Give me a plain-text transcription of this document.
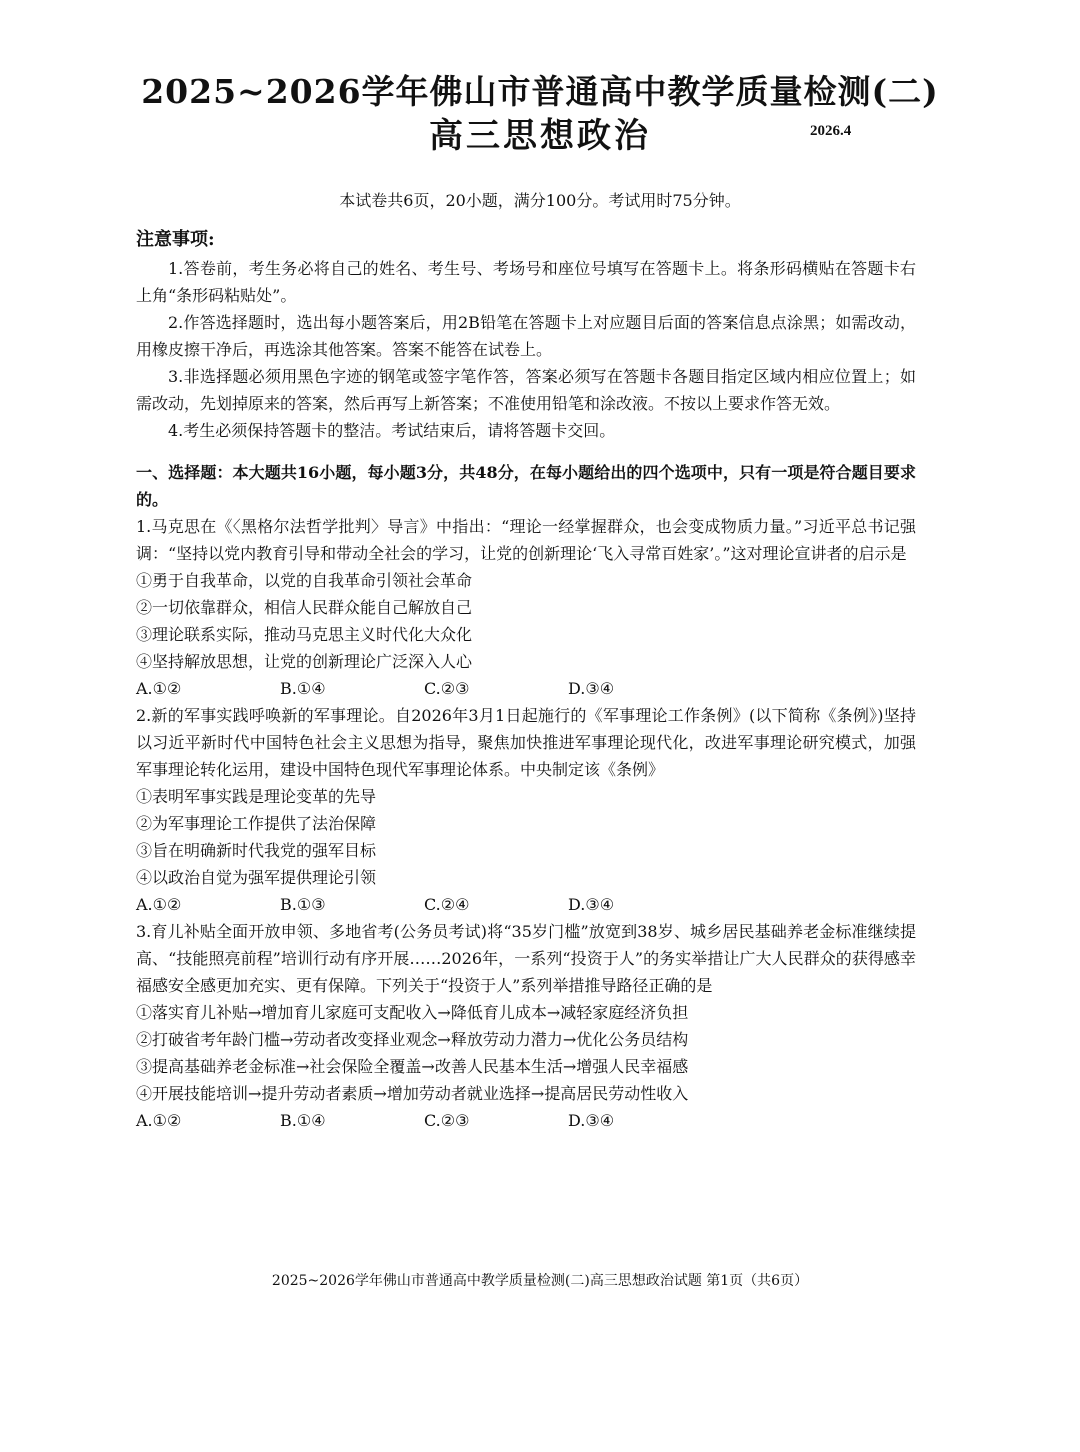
2025~2026学年佛山市普通高中教学质量检测(二)
高三思想政治	2026.4
本试卷共6页，20小题，满分100分。考试用时75分钟。

注意事项:

1.答卷前，考生务必将自己的姓名、考生号、考场号和座位号填写在答题卡上。将条形码横贴在答题卡右上角“条形码粘贴处”。

2.作答选择题时，选出每小题答案后，用2B铅笔在答题卡上对应题目后面的答案信息点涂黑；如需改动，用橡皮擦干净后，再选涂其他答案。答案不能答在试卷上。

3.非选择题必须用黑色字迹的钢笔或签字笔作答，答案必须写在答题卡各题目指定区域内相应位置上；如需改动，先划掉原来的答案，然后再写上新答案；不准使用铅笔和涂改液。不按以上要求作答无效。

4.考生必须保持答题卡的整洁。考试结束后，请将答题卡交回。

一、选择题：本大题共16小题，每小题3分，共48分，在每小题给出的四个选项中，只有一项是符合题目要求的。

1.马克思在《〈黑格尔法哲学批判〉导言》中指出：“理论一经掌握群众，也会变成物质力量。”习近平总书记强调：“坚持以党内教育引导和带动全社会的学习，让党的创新理论‘飞入寻常百姓家’。”这对理论宣讲者的启示是

①勇于自我革命，以党的自我革命引领社会革命

②一切依靠群众，相信人民群众能自己解放自己

③理论联系实际，推动马克思主义时代化大众化

④坚持解放思想，让党的创新理论广泛深入人心

A.①②	B.①④	C.②③	D.③④

2.新的军事实践呼唤新的军事理论。自2026年3月1日起施行的《军事理论工作条例》(以下简称《条例》)坚持以习近平新时代中国特色社会主义思想为指导，聚焦加快推进军事理论现代化，改进军事理论研究模式，加强军事理论转化运用，建设中国特色现代军事理论体系。中央制定该《条例》

①表明军事实践是理论变革的先导

②为军事理论工作提供了法治保障

③旨在明确新时代我党的强军目标

④以政治自觉为强军提供理论引领

A.①②	B.①③	C.②④	D.③④

3.育儿补贴全面开放申领、多地省考(公务员考试)将“35岁门槛”放宽到38岁、城乡居民基础养老金标准继续提高、“技能照亮前程”培训行动有序开展……2026年，一系列“投资于人”的务实举措让广大人民群众的获得感幸福感安全感更加充实、更有保障。下列关于“投资于人”系列举措推导路径正确的是

①落实育儿补贴→增加育儿家庭可支配收入→降低育儿成本→减轻家庭经济负担

②打破省考年龄门槛→劳动者改变择业观念→释放劳动力潜力→优化公务员结构

③提高基础养老金标准→社会保险全覆盖→改善人民基本生活→增强人民幸福感

④开展技能培训→提升劳动者素质→增加劳动者就业选择→提高居民劳动性收入

A.①②	B.①④	C.②③	D.③④
2025~2026学年佛山市普通高中教学质量检测(二)高三思想政治试题 第1页（共6页）
